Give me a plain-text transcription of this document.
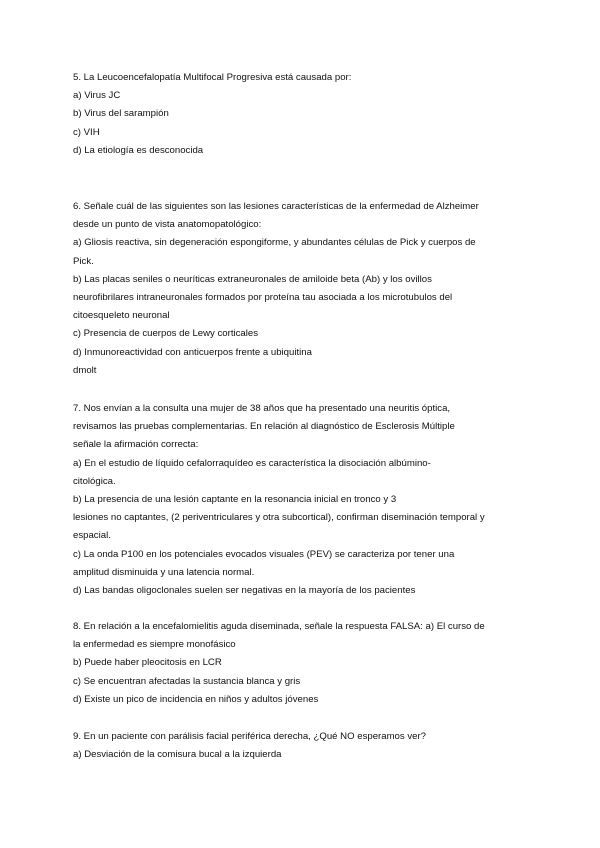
5. La Leucoencefalopatía Multifocal Progresiva está causada por:
a) Virus JC
b) Virus del sarampión
c) VIH
d) La etiología es desconocida
6. Señale cuál de las siguientes son las lesiones características de la enfermedad de Alzheimer
desde un punto de vista anatomopatológico:
a) Gliosis reactiva, sin degeneración espongiforme, y abundantes células de Pick y cuerpos de
Pick.
b) Las placas seniles o neuríticas extraneuronales de amiloide beta (Ab) y los ovillos
neurofibrilares intraneuronales formados por proteína tau asociada a los microtubulos del
citoesqueleto neuronal
c) Presencia de cuerpos de Lewy corticales
d) Inmunoreactividad con anticuerpos frente a ubiquitina
dmolt
7. Nos envían a la consulta una mujer de 38 años que ha presentado una neuritis óptica,
revisamos las pruebas complementarias. En relación al diagnóstico de Esclerosis Múltiple
señale la afirmación correcta:
a) En el estudio de líquido cefalorraquídeo es característica la disociación albúmino-
citológica.
b) La presencia de una lesión captante en la resonancia inicial en tronco y 3
lesiones no captantes, (2 periventriculares y otra subcortical), confirman diseminación temporal y
espacial.
c) La onda P100 en los potenciales evocados visuales (PEV) se caracteriza por tener una
amplitud disminuida y una latencia normal.
d) Las bandas oligoclonales suelen ser negativas en la mayoría de los pacientes
8. En relación a la encefalomielitis aguda diseminada, señale la respuesta FALSA: a) El curso de
la enfermedad es siempre monofásico
b) Puede haber pleocitosis en LCR
c) Se encuentran afectadas la sustancia blanca y gris
d) Existe un pico de incidencia en niños y adultos jóvenes
9. En un paciente con parálisis facial periférica derecha, ¿Qué NO esperamos ver?
a) Desviación de la comisura bucal a la izquierda
